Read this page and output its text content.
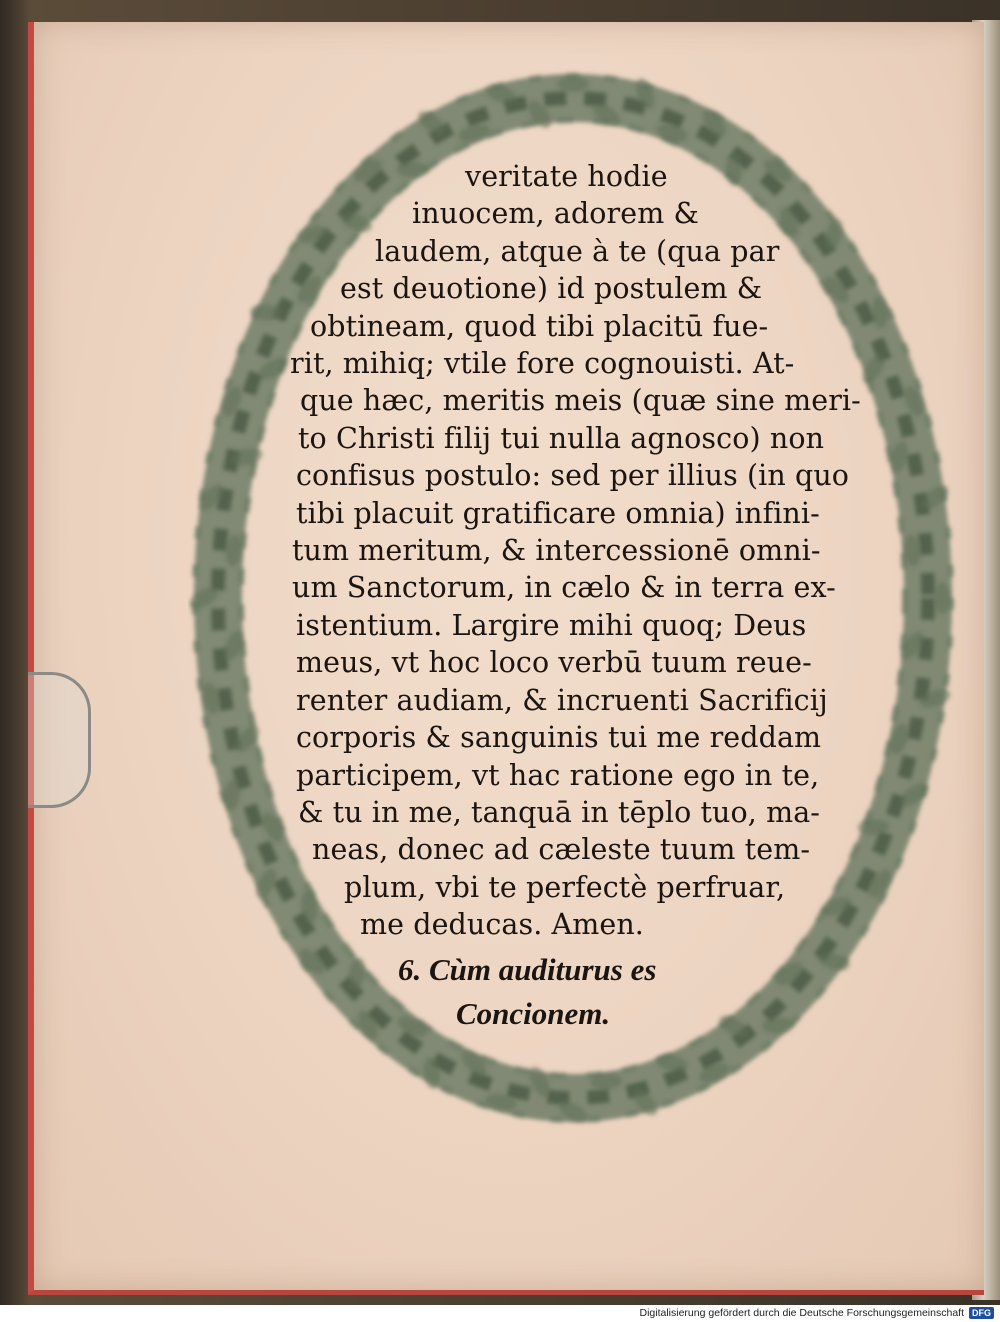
veritate hodie
inuocem, adorem &
laudem, atque à te (qua par
est deuotione) id postulem &
obtineam, quod tibi placitū fue-
rit, mihiq; vtile fore cognouisti. At-
que hæc, meritis meis (quæ sine meri-
to Christi filij tui nulla agnosco) non
confisus postulo: sed per illius (in quo
tibi placuit gratificare omnia) infini-
tum meritum, & intercessionē omni-
um Sanctorum, in cælo & in terra ex-
istentium. Largire mihi quoq; Deus
meus, vt hoc loco verbū tuum reue-
renter audiam, & incruenti Sacrificij
corporis & sanguinis tui me reddam
participem, vt hac ratione ego in te,
& tu in me, tanquā in tēplo tuo, ma-
neas, donec ad cæleste tuum tem-
plum, vbi te perfectè perfruar,
me deducas. Amen.
6. Cùm auditurus es
Concionem.
Digitalisierung gefördert durch die Deutsche Forschungsgemeinschaft DFG
